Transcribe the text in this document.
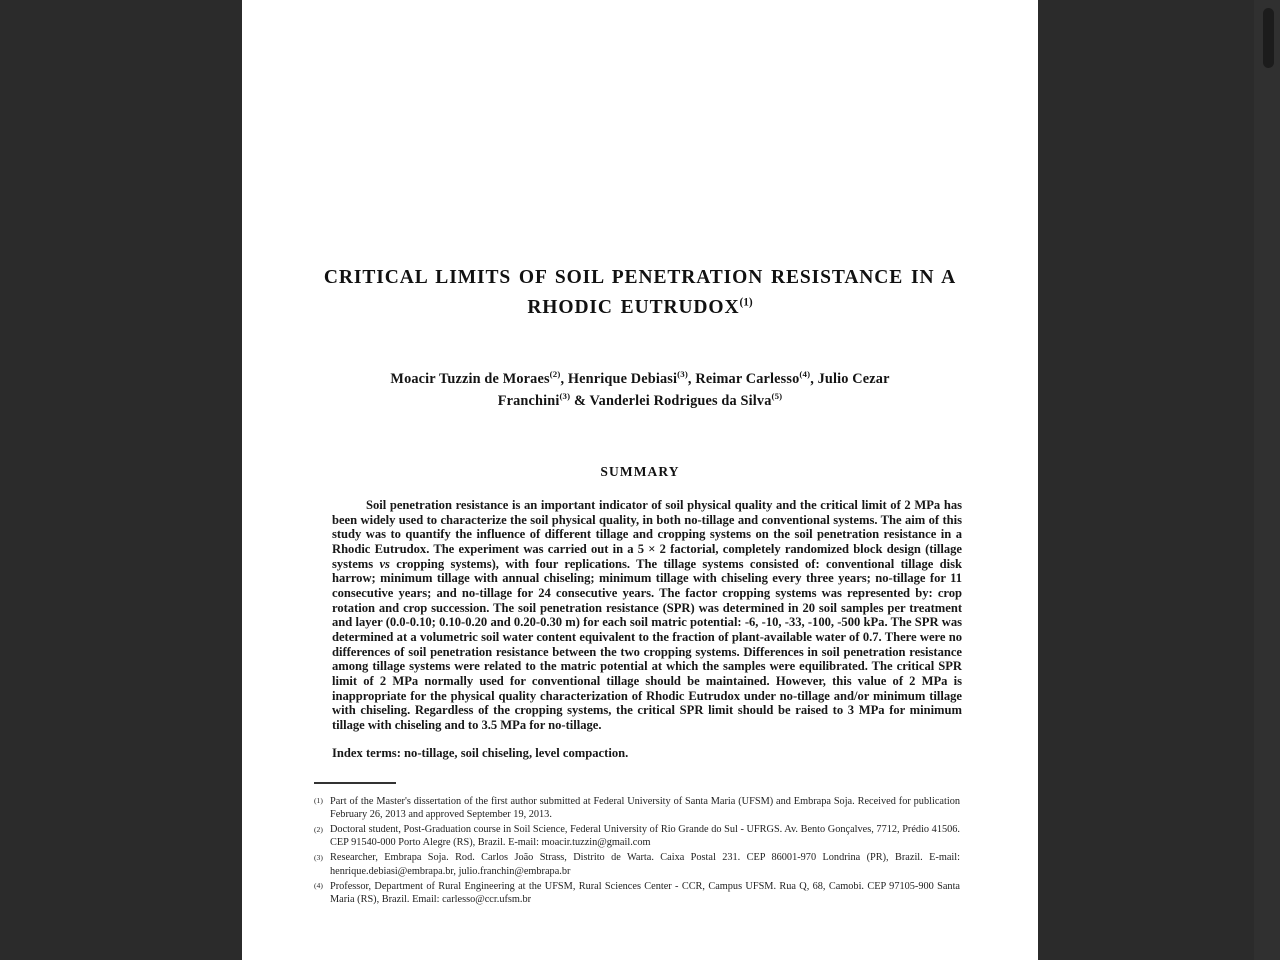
CRITICAL LIMITS OF SOIL PENETRATION RESISTANCE IN A
RHODIC EUTRUDOX$^{(1)}$

Moacir Tuzzin de Moraes$^{(2)}$, Henrique Debiasi$^{(3)}$, Reimar Carlesso$^{(4)}$, Julio Cezar
Franchini$^{(3)}$ & Vanderlei Rodrigues da Silva$^{(5)}$

SUMMARY

Soil penetration resistance is an important indicator of soil physical quality and the critical limit of 2 MPa has been widely used to characterize the soil physical quality, in both no-tillage and conventional systems. The aim of this study was to quantify the influence of different tillage and cropping systems on the soil penetration resistance in a Rhodic Eutrudox. The experiment was carried out in a 5 × 2 factorial, completely randomized block design (tillage systems vs cropping systems), with four replications. The tillage systems consisted of: conventional tillage disk harrow; minimum tillage with annual chiseling; minimum tillage with chiseling every three years; no-tillage for 11 consecutive years; and no-tillage for 24 consecutive years. The factor cropping systems was represented by: crop rotation and crop succession. The soil penetration resistance (SPR) was determined in 20 soil samples per treatment and layer (0.0-0.10; 0.10-0.20 and 0.20-0.30 m) for each soil matric potential: -6, -10, -33, -100, -500 kPa. The SPR was determined at a volumetric soil water content equivalent to the fraction of plant-available water of 0.7. There were no differences of soil penetration resistance between the two cropping systems. Differences in soil penetration resistance among tillage systems were related to the matric potential at which the samples were equilibrated. The critical SPR limit of 2 MPa normally used for conventional tillage should be maintained. However, this value of 2 MPa is inappropriate for the physical quality characterization of Rhodic Eutrudox under no-tillage and/or minimum tillage with chiseling. Regardless of the cropping systems, the critical SPR limit should be raised to 3 MPa for minimum tillage with chiseling and to 3.5 MPa for no-tillage.

Index terms: no-tillage, soil chiseling, level compaction.

(1) Part of the Master's dissertation of the first author submitted at Federal University of Santa Maria (UFSM) and Embrapa Soja. Received for publication February 26, 2013 and approved September 19, 2013.
(2) Doctoral student, Post-Graduation course in Soil Science, Federal University of Rio Grande do Sul - UFRGS. Av. Bento Gonçalves, 7712, Prédio 41506. CEP 91540-000 Porto Alegre (RS), Brazil. E-mail: moacir.tuzzin@gmail.com
(3) Researcher, Embrapa Soja. Rod. Carlos João Strass, Distrito de Warta. Caixa Postal 231. CEP 86001-970 Londrina (PR), Brazil. E-mail: henrique.debiasi@embrapa.br, julio.franchin@embrapa.br
(4) Professor, Department of Rural Engineering at the UFSM, Rural Sciences Center - CCR, Campus UFSM. Rua Q, 68, Camobi. CEP 97105-900 Santa Maria (RS), Brazil. Email: carlesso@ccr.ufsm.br
